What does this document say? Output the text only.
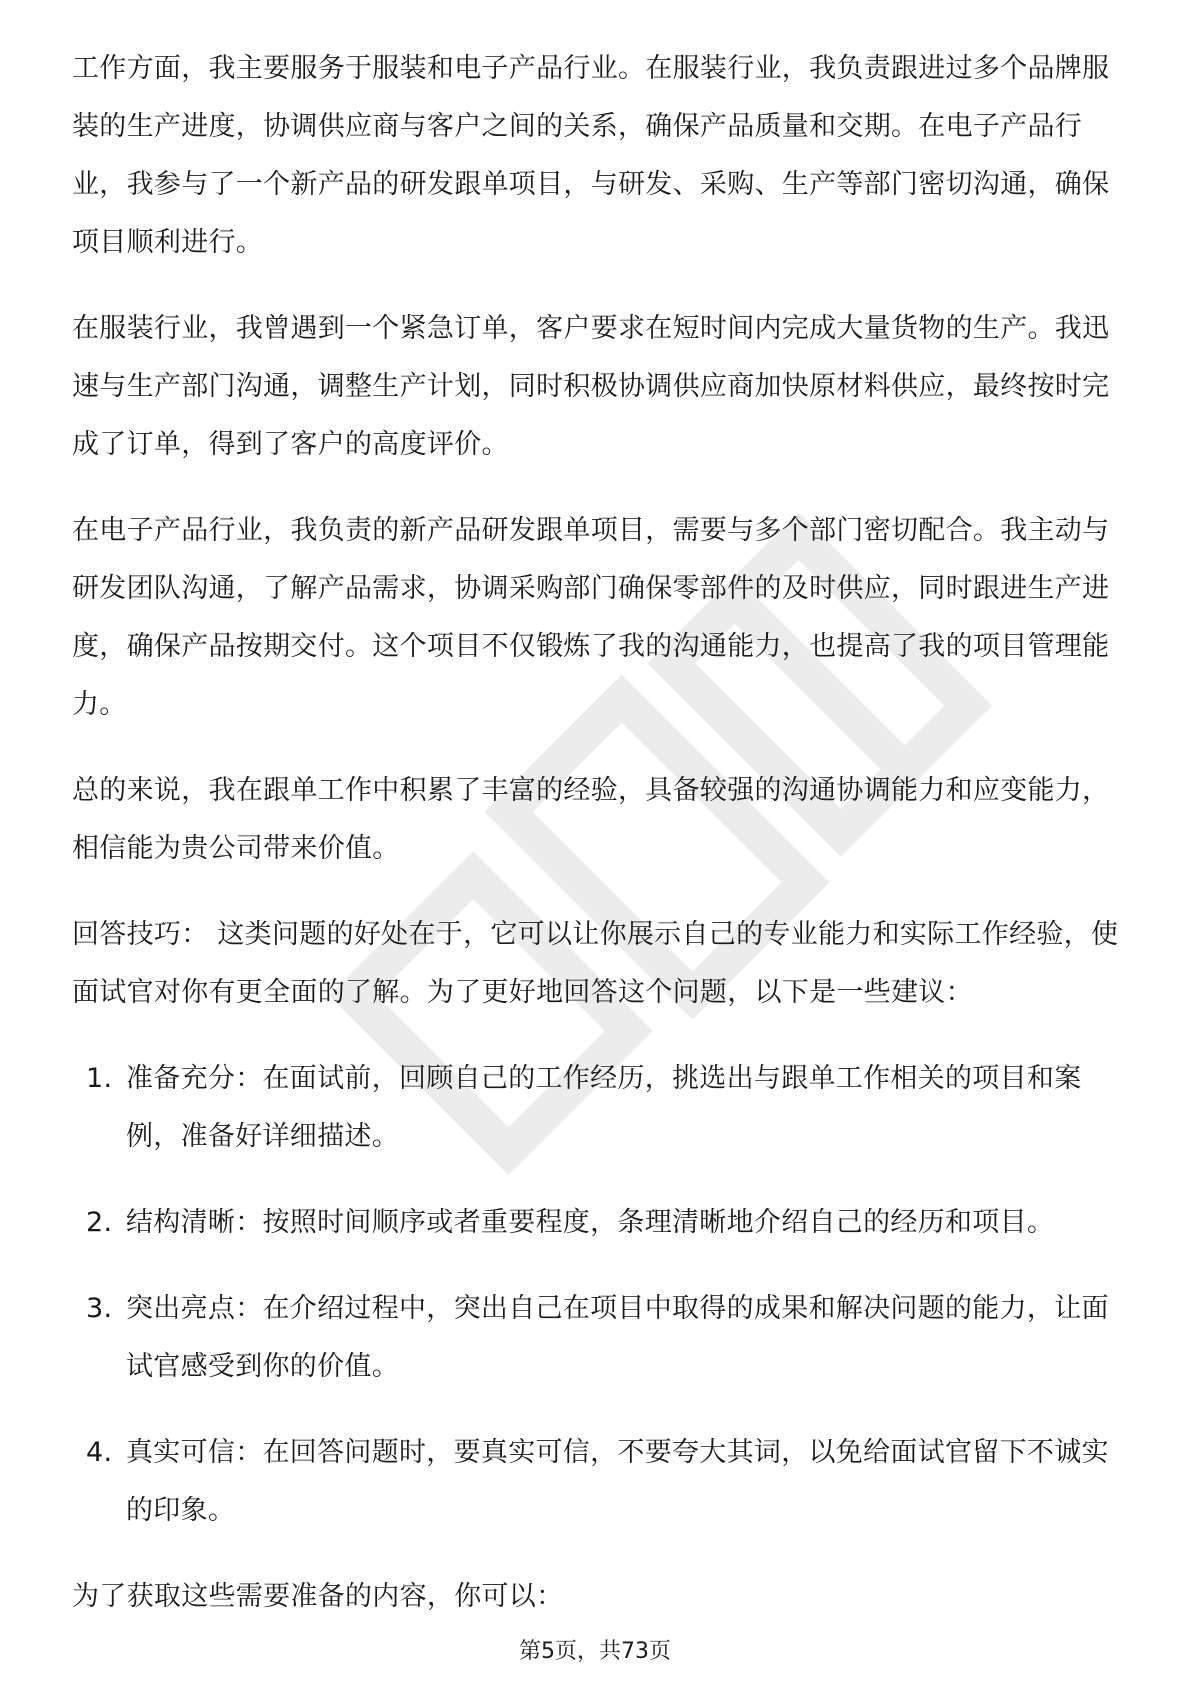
工作方面，我主要服务于服装和电子产品行业。在服装行业，我负责跟进过多个品牌服装的生产进度，协调供应商与客户之间的关系，确保产品质量和交期。在电子产品行业，我参与了一个新产品的研发跟单项目，与研发、采购、生产等部门密切沟通，确保项目顺利进行。

在服装行业，我曾遇到一个紧急订单，客户要求在短时间内完成大量货物的生产。我迅速与生产部门沟通，调整生产计划，同时积极协调供应商加快原材料供应，最终按时完成了订单，得到了客户的高度评价。

在电子产品行业，我负责的新产品研发跟单项目，需要与多个部门密切配合。我主动与研发团队沟通，了解产品需求，协调采购部门确保零部件的及时供应，同时跟进生产进度，确保产品按期交付。这个项目不仅锻炼了我的沟通能力，也提高了我的项目管理能力。

总的来说，我在跟单工作中积累了丰富的经验，具备较强的沟通协调能力和应变能力，相信能为贵公司带来价值。

回答技巧： 这类问题的好处在于，它可以让你展示自己的专业能力和实际工作经验，使面试官对你有更全面的了解。为了更好地回答这个问题，以下是一些建议：

1. 准备充分：在面试前，回顾自己的工作经历，挑选出与跟单工作相关的项目和案例，准备好详细描述。
2. 结构清晰：按照时间顺序或者重要程度，条理清晰地介绍自己的经历和项目。
3. 突出亮点：在介绍过程中，突出自己在项目中取得的成果和解决问题的能力，让面试官感受到你的价值。
4. 真实可信：在回答问题时，要真实可信，不要夸大其词，以免给面试官留下不诚实的印象。

为了获取这些需要准备的内容，你可以：

第5页，共73页
